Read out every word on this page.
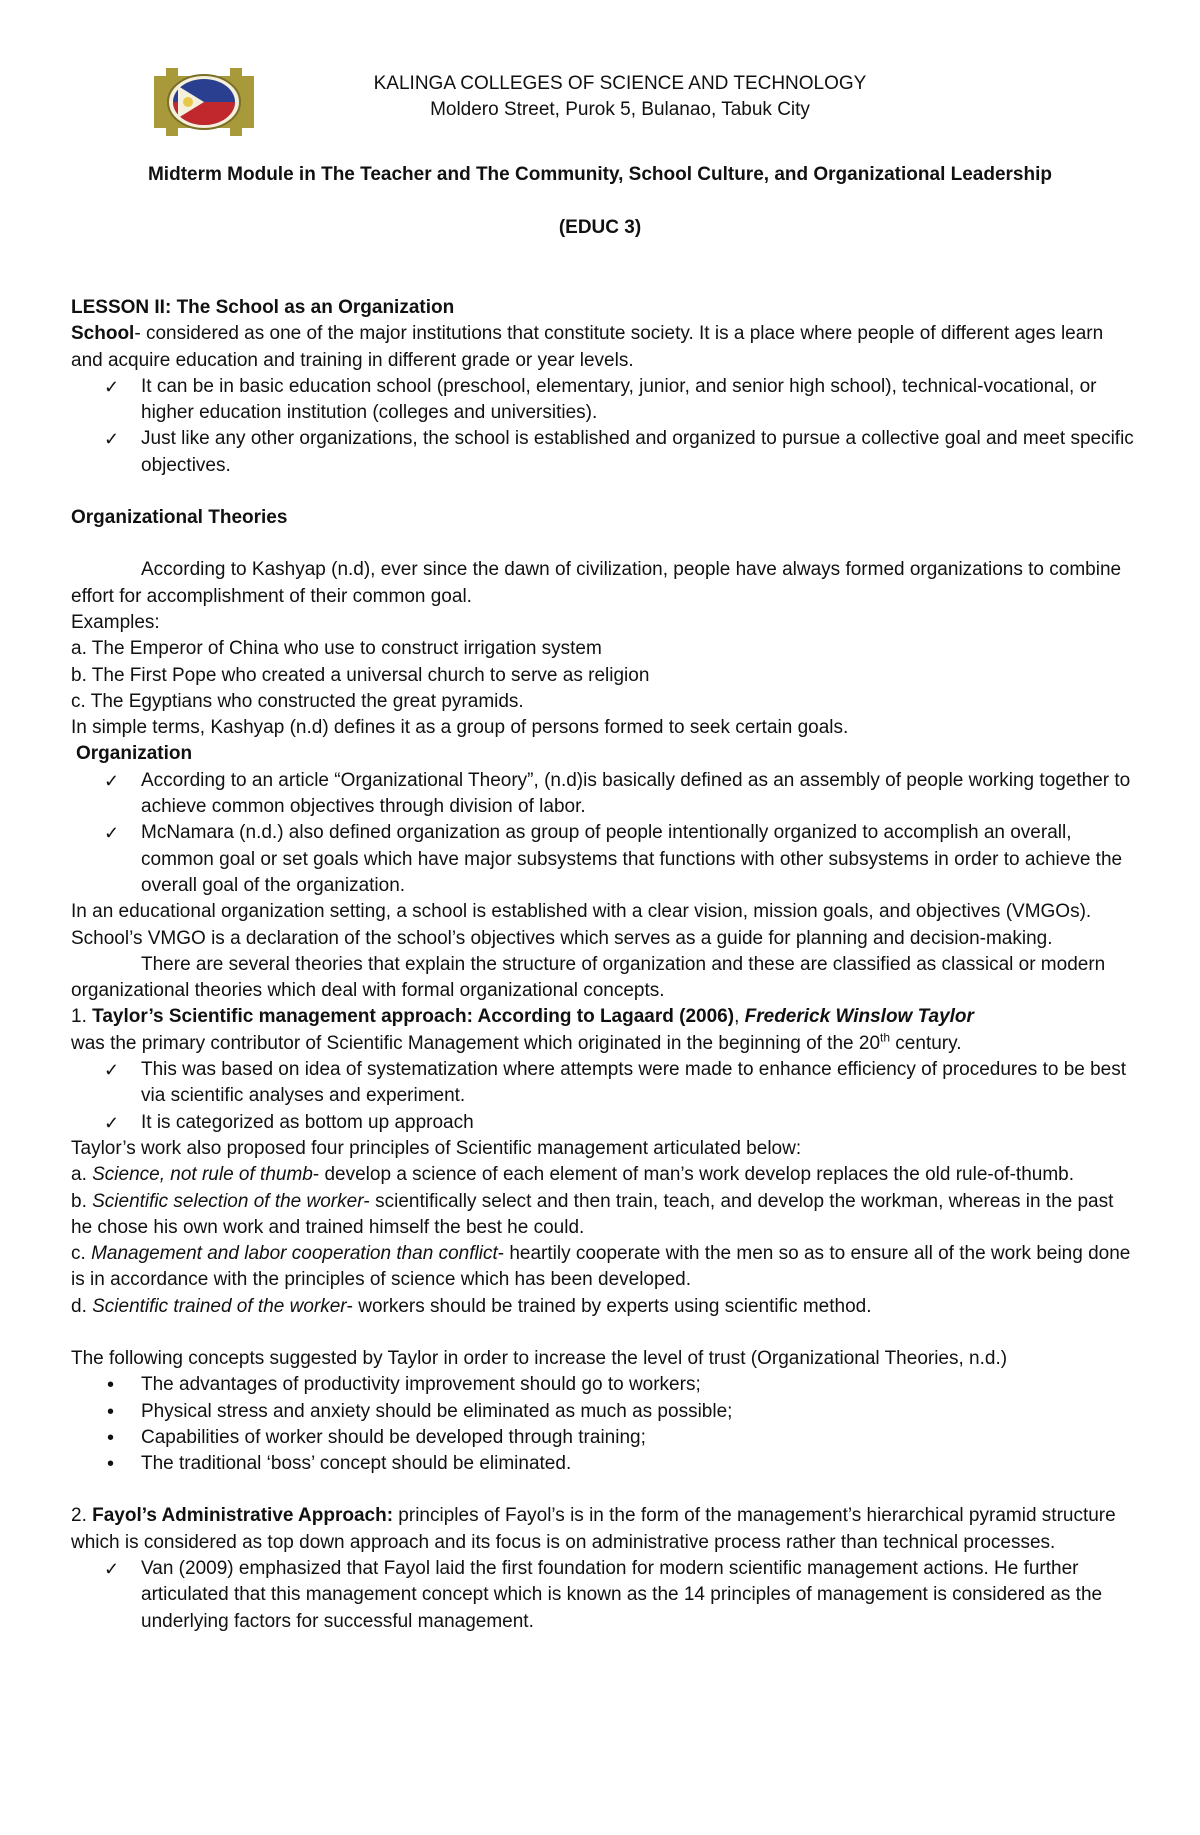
KALINGA COLLEGES OF SCIENCE AND TECHNOLOGY
Moldero Street, Purok 5, Bulanao, Tabuk City
Midterm Module in The Teacher and The Community, School Culture, and Organizational Leadership
(EDUC 3)

LESSON II: The School as an Organization

School- considered as one of the major institutions that constitute society. It is a place where people of different ages learn and acquire education and training in different grade or year levels.

✓ It can be in basic education school (preschool, elementary, junior, and senior high school), technical-vocational, or higher education institution (colleges and universities).
✓ Just like any other organizations, the school is established and organized to pursue a collective goal and meet specific objectives.

Organizational Theories

According to Kashyap (n.d), ever since the dawn of civilization, people have always formed organizations to combine effort for accomplishment of their common goal.

Examples:

a. The Emperor of China who use to construct irrigation system

b. The First Pope who created a universal church to serve as religion

c. The Egyptians who constructed the great pyramids.

In simple terms, Kashyap (n.d) defines it as a group of persons formed to seek certain goals.

Organization

✓ According to an article “Organizational Theory”, (n.d)is basically defined as an assembly of people working together to achieve common objectives through division of labor.
✓ McNamara (n.d.) also defined organization as group of people intentionally organized to accomplish an overall, common goal or set goals which have major subsystems that functions with other subsystems in order to achieve the overall goal of the organization.

In an educational organization setting, a school is established with a clear vision, mission goals, and objectives (VMGOs). School’s VMGO is a declaration of the school’s objectives which serves as a guide for planning and decision-making.

There are several theories that explain the structure of organization and these are classified as classical or modern organizational theories which deal with formal organizational concepts.

1. Taylor’s Scientific management approach: According to Lagaard (2006), Frederick Winslow Taylor

was the primary contributor of Scientific Management which originated in the beginning of the 20th century.

✓ This was based on idea of systematization where attempts were made to enhance efficiency of procedures to be best via scientific analyses and experiment.
✓ It is categorized as bottom up approach

Taylor’s work also proposed four principles of Scientific management articulated below:

a. Science, not rule of thumb- develop a science of each element of man’s work develop replaces the old rule-of-thumb.

b. Scientific selection of the worker- scientifically select and then train, teach, and develop the workman, whereas in the past he chose his own work and trained himself the best he could.

c. Management and labor cooperation than conflict- heartily cooperate with the men so as to ensure all of the work being done is in accordance with the principles of science which has been developed.

d. Scientific trained of the worker- workers should be trained by experts using scientific method.

The following concepts suggested by Taylor in order to increase the level of trust (Organizational Theories, n.d.)

• The advantages of productivity improvement should go to workers;
• Physical stress and anxiety should be eliminated as much as possible;
• Capabilities of worker should be developed through training;
• The traditional ‘boss’ concept should be eliminated.

2. Fayol’s Administrative Approach: principles of Fayol’s is in the form of the management’s hierarchical pyramid structure which is considered as top down approach and its focus is on administrative process rather than technical processes.

✓ Van (2009) emphasized that Fayol laid the first foundation for modern scientific management actions. He further articulated that this management concept which is known as the 14 principles of management is considered as the underlying factors for successful management.
